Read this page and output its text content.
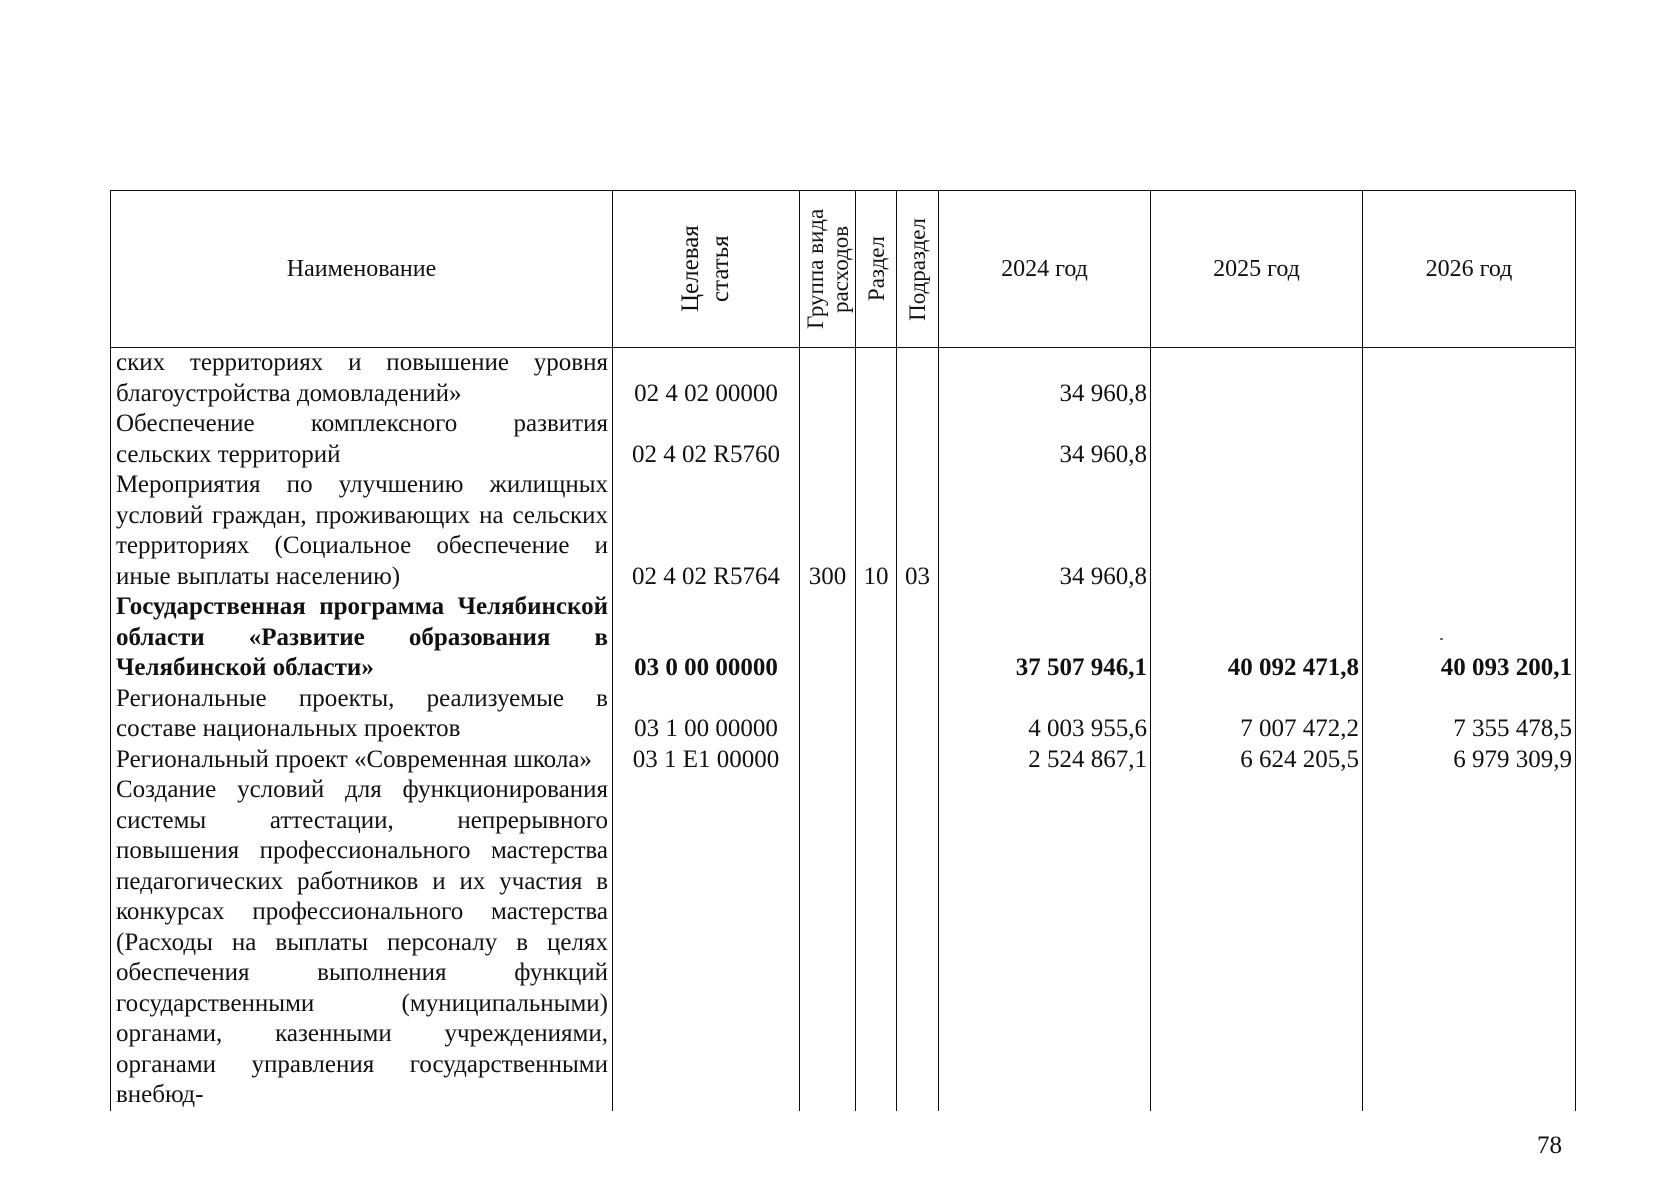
Наименование	Целевая статья	Группа вида расходов	Раздел	Подраздел	2024 год	2025 год	2026 год
ских территориях и повышение уровня благоустройства домовладений»	02 4 02 00000				34 960,8		
Обеспечение комплексного развития сельских территорий	02 4 02 R5760				34 960,8		
Мероприятия по улучшению жилищных условий граждан, проживающих на сельских территориях (Социальное обеспечение и иные выплаты населению)	02 4 02 R5764	300	10	03	34 960,8		
Государственная программа Челябинской области «Развитие образования в Челябинской области»	03 0 00 00000				37 507 946,1	40 092 471,8	40 093 200,1
Региональные проекты, реализуемые в составе национальных проектов	03 1 00 00000				4 003 955,6	7 007 472,2	7 355 478,5
Региональный проект «Современная школа»	03 1 E1 00000				2 524 867,1	6 624 205,5	6 979 309,9
Создание условий для функционирования системы аттестации, непрерывного повышения профессионального мастерства педагогических работников и их участия в конкурсах профессионального мастерства (Расходы на выплаты персоналу в целях обеспечения выполнения функций государственными (муниципальными) органами, казенными учреждениями, органами управления государственными внебюд-							
78
